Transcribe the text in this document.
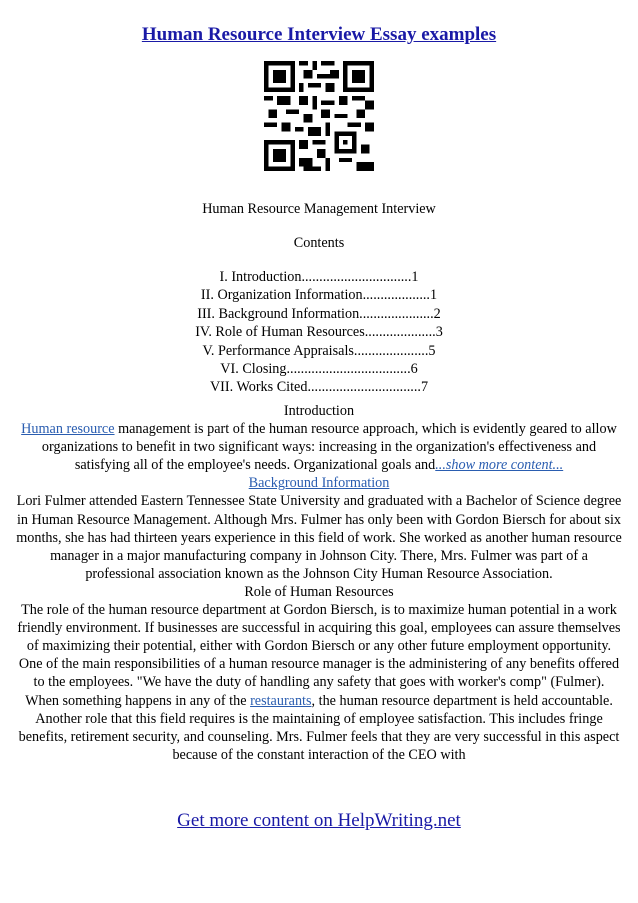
Human Resource Interview Essay examples
Human Resource Management Interview
Contents
I. Introduction...............................1
II. Organization Information...................1
III. Background Information.....................2
IV. Role of Human Resources....................3
V. Performance Appraisals.....................5
VI. Closing...................................6
VII. Works Cited................................7

Introduction

Human resource management is part of the human resource approach, which is evidently geared to allow organizations to benefit in two significant ways: increasing in the organization's effectiveness and satisfying all of the employee's needs. Organizational goals and...show more content...

Background Information

Lori Fulmer attended Eastern Tennessee State University and graduated with a Bachelor of Science degree in Human Resource Management. Although Mrs. Fulmer has only been with Gordon Biersch for about six months, she has had thirteen years experience in this field of work. She worked as another human resource manager in a major manufacturing company in Johnson City. There, Mrs. Fulmer was part of a professional association known as the Johnson City Human Resource Association.

Role of Human Resources

The role of the human resource department at Gordon Biersch, is to maximize human potential in a work friendly environment. If businesses are successful in acquiring this goal, employees can assure themselves of maximizing their potential, either with Gordon Biersch or any other future employment opportunity.

One of the main responsibilities of a human resource manager is the administering of any benefits offered to the employees. "We have the duty of handling any safety that goes with worker's comp" (Fulmer). When something happens in any of the restaurants, the human resource department is held accountable.

Another role that this field requires is the maintaining of employee satisfaction. This includes fringe benefits, retirement security, and counseling. Mrs. Fulmer feels that they are very successful in this aspect because of the constant interaction of the CEO with

Get more content on HelpWriting.net
